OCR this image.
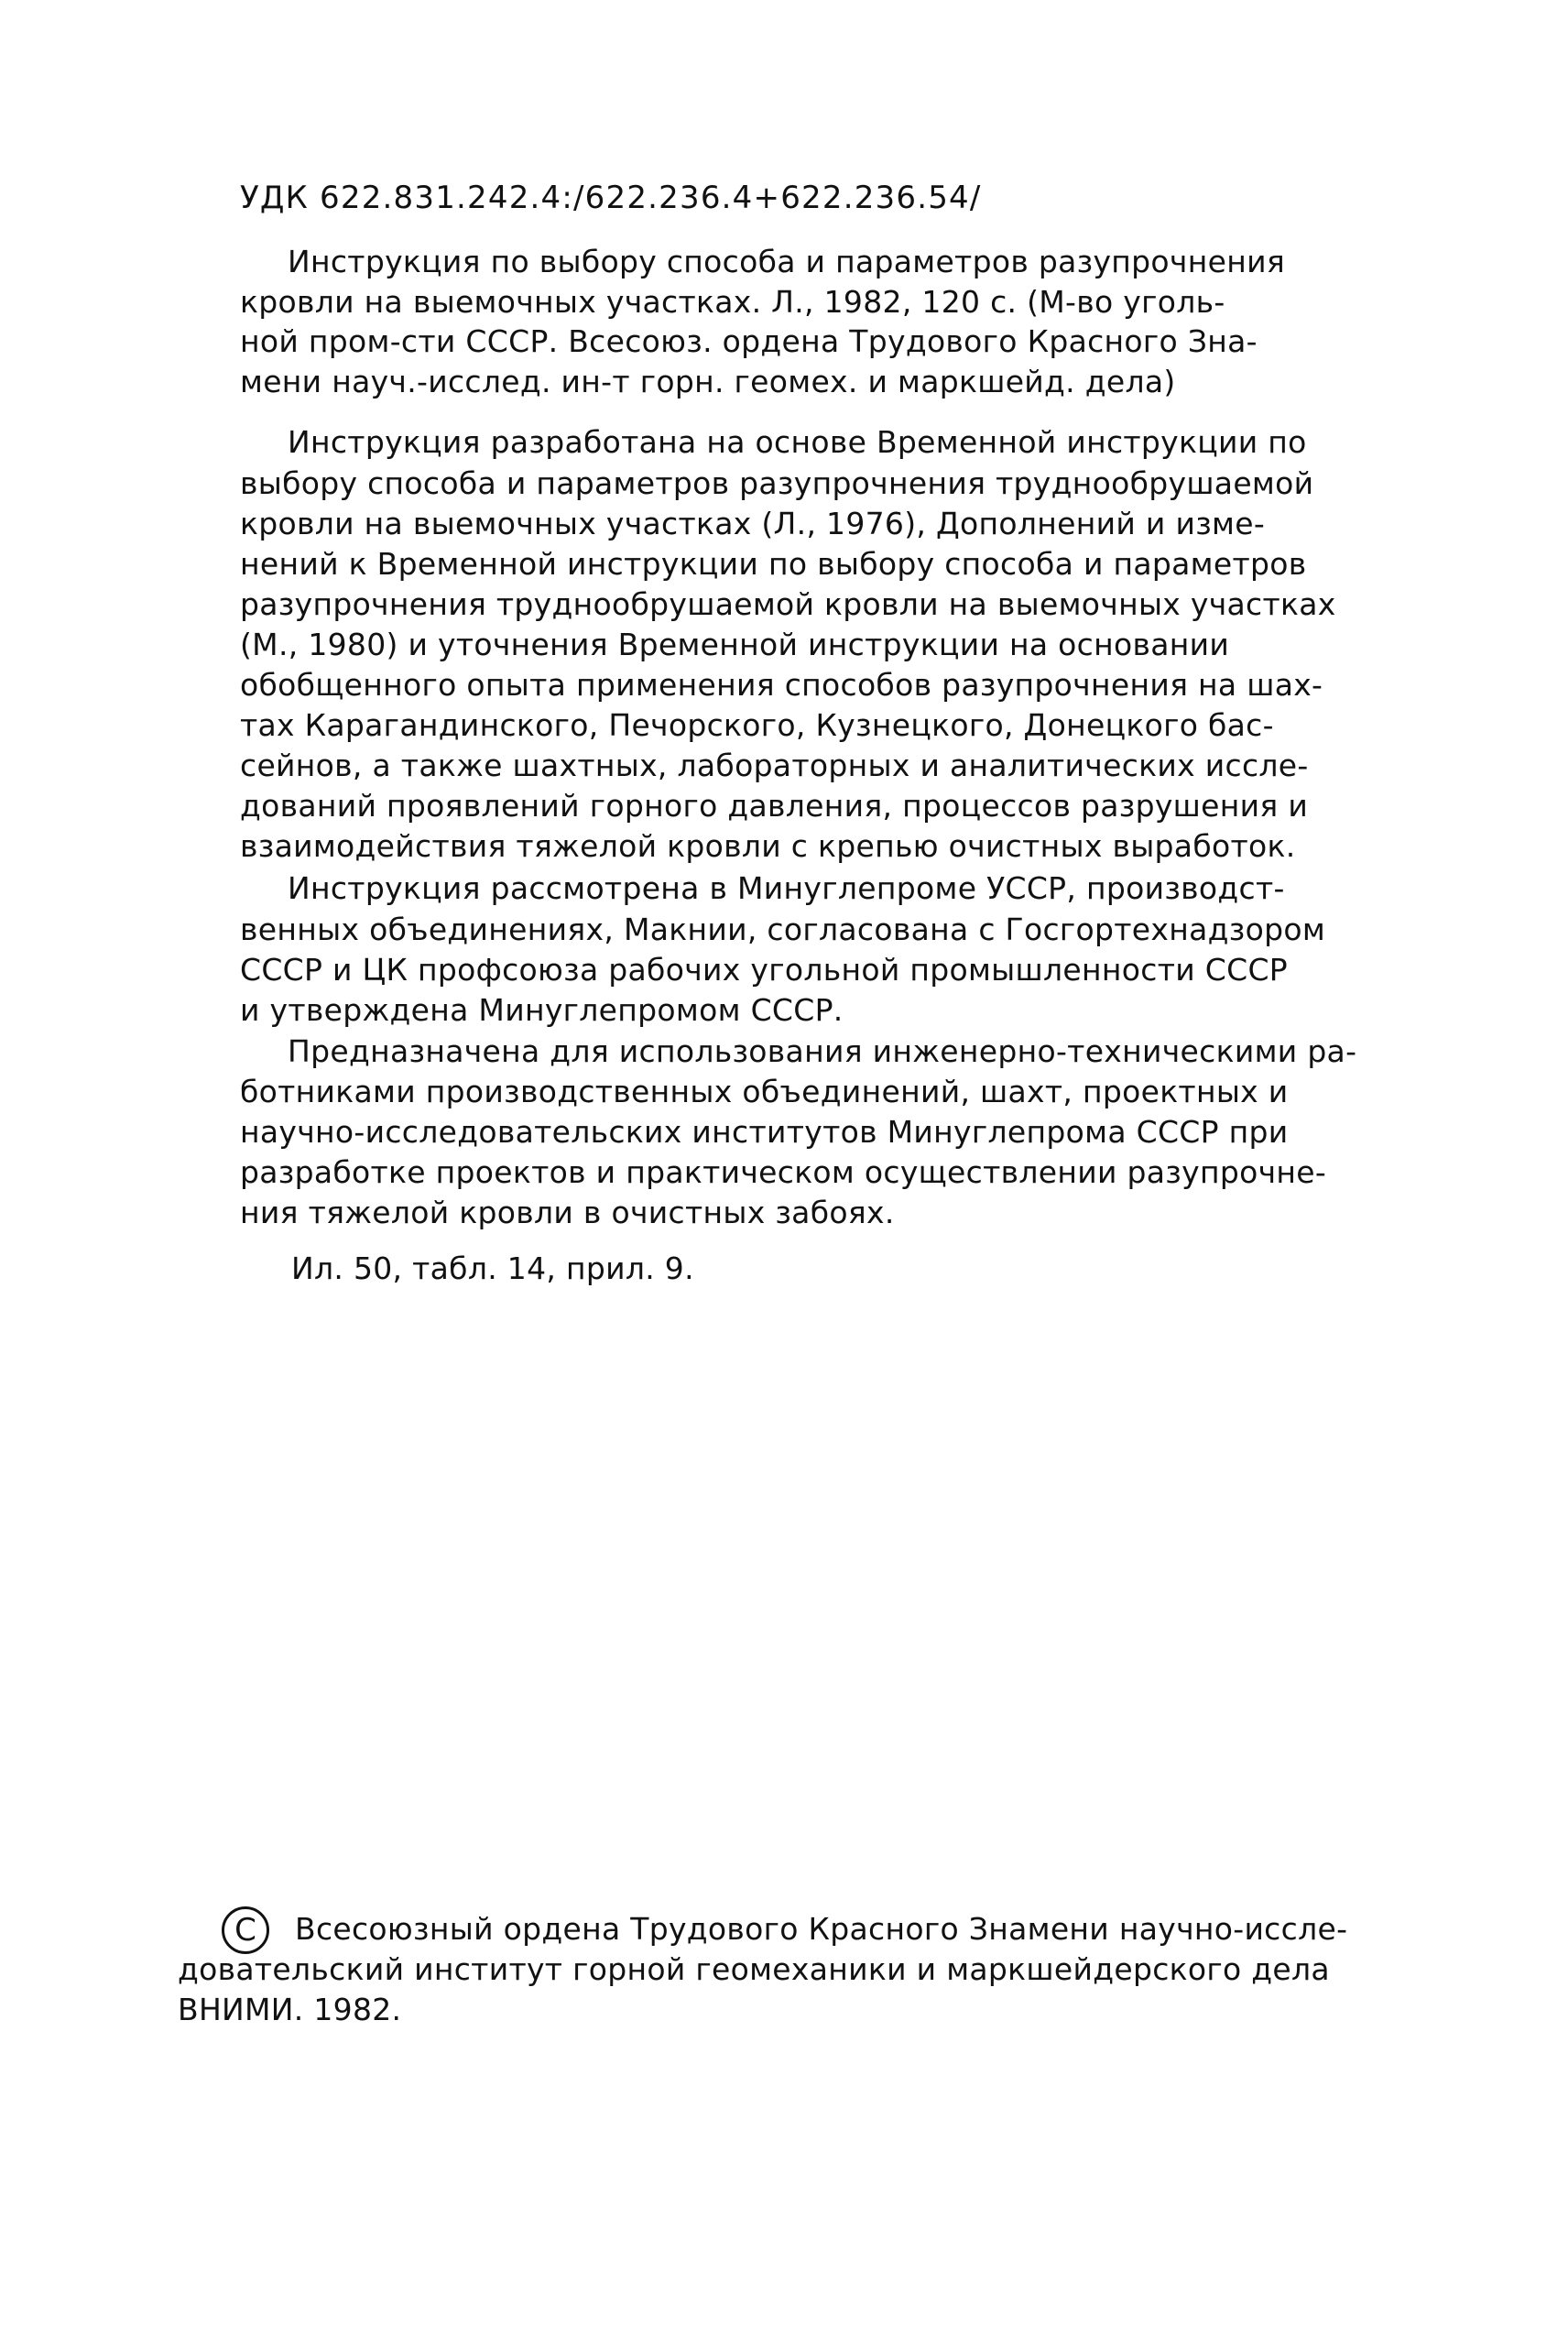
УДК 622.831.242.4:/622.236.4+622.236.54/
Инструкция по выбору способа и параметров разупрочнения
кровли на выемочных участках. Л., 1982, 120 с. (М-во уголь-
ной пром-сти СССР. Всесоюз. ордена Трудового Красного Зна-
мени науч.-исслед. ин-т горн. геомех. и маркшейд. дела)
Инструкция разработана на основе Временной инструкции по
выбору способа и параметров разупрочнения труднообрушаемой
кровли на выемочных участках (Л., 1976), Дополнений и изме-
нений к Временной инструкции по выбору способа и параметров
разупрочнения труднообрушаемой кровли на выемочных участках
(М., 1980) и уточнения Временной инструкции на основании
обобщенного опыта применения способов разупрочнения на шах-
тах Карагандинского, Печорского, Кузнецкого, Донецкого бас-
сейнов, а также шахтных, лабораторных и аналитических иссле-
дований проявлений горного давления, процессов разрушения и
взаимодействия тяжелой кровли с крепью очистных выработок.
Инструкция рассмотрена в Минуглепроме УССР, производст-
венных объединениях, Макнии, согласована с Госгортехнадзором
СССР и ЦК профсоюза рабочих угольной промышленности СССР
и утверждена Минуглепромом СССР.
Предназначена для использования инженерно-техническими ра-
ботниками производственных объединений, шахт, проектных и
научно-исследовательских институтов Минуглепрома СССР при
разработке проектов и практическом осуществлении разупрочне-
ния тяжелой кровли в очистных забоях.
Ил. 50, табл. 14, прил. 9.
C	Всесоюзный ордена Трудового Красного Знамени научно-иссле-
довательский институт горной геомеханики и маркшейдерского дела
ВНИМИ. 1982.
